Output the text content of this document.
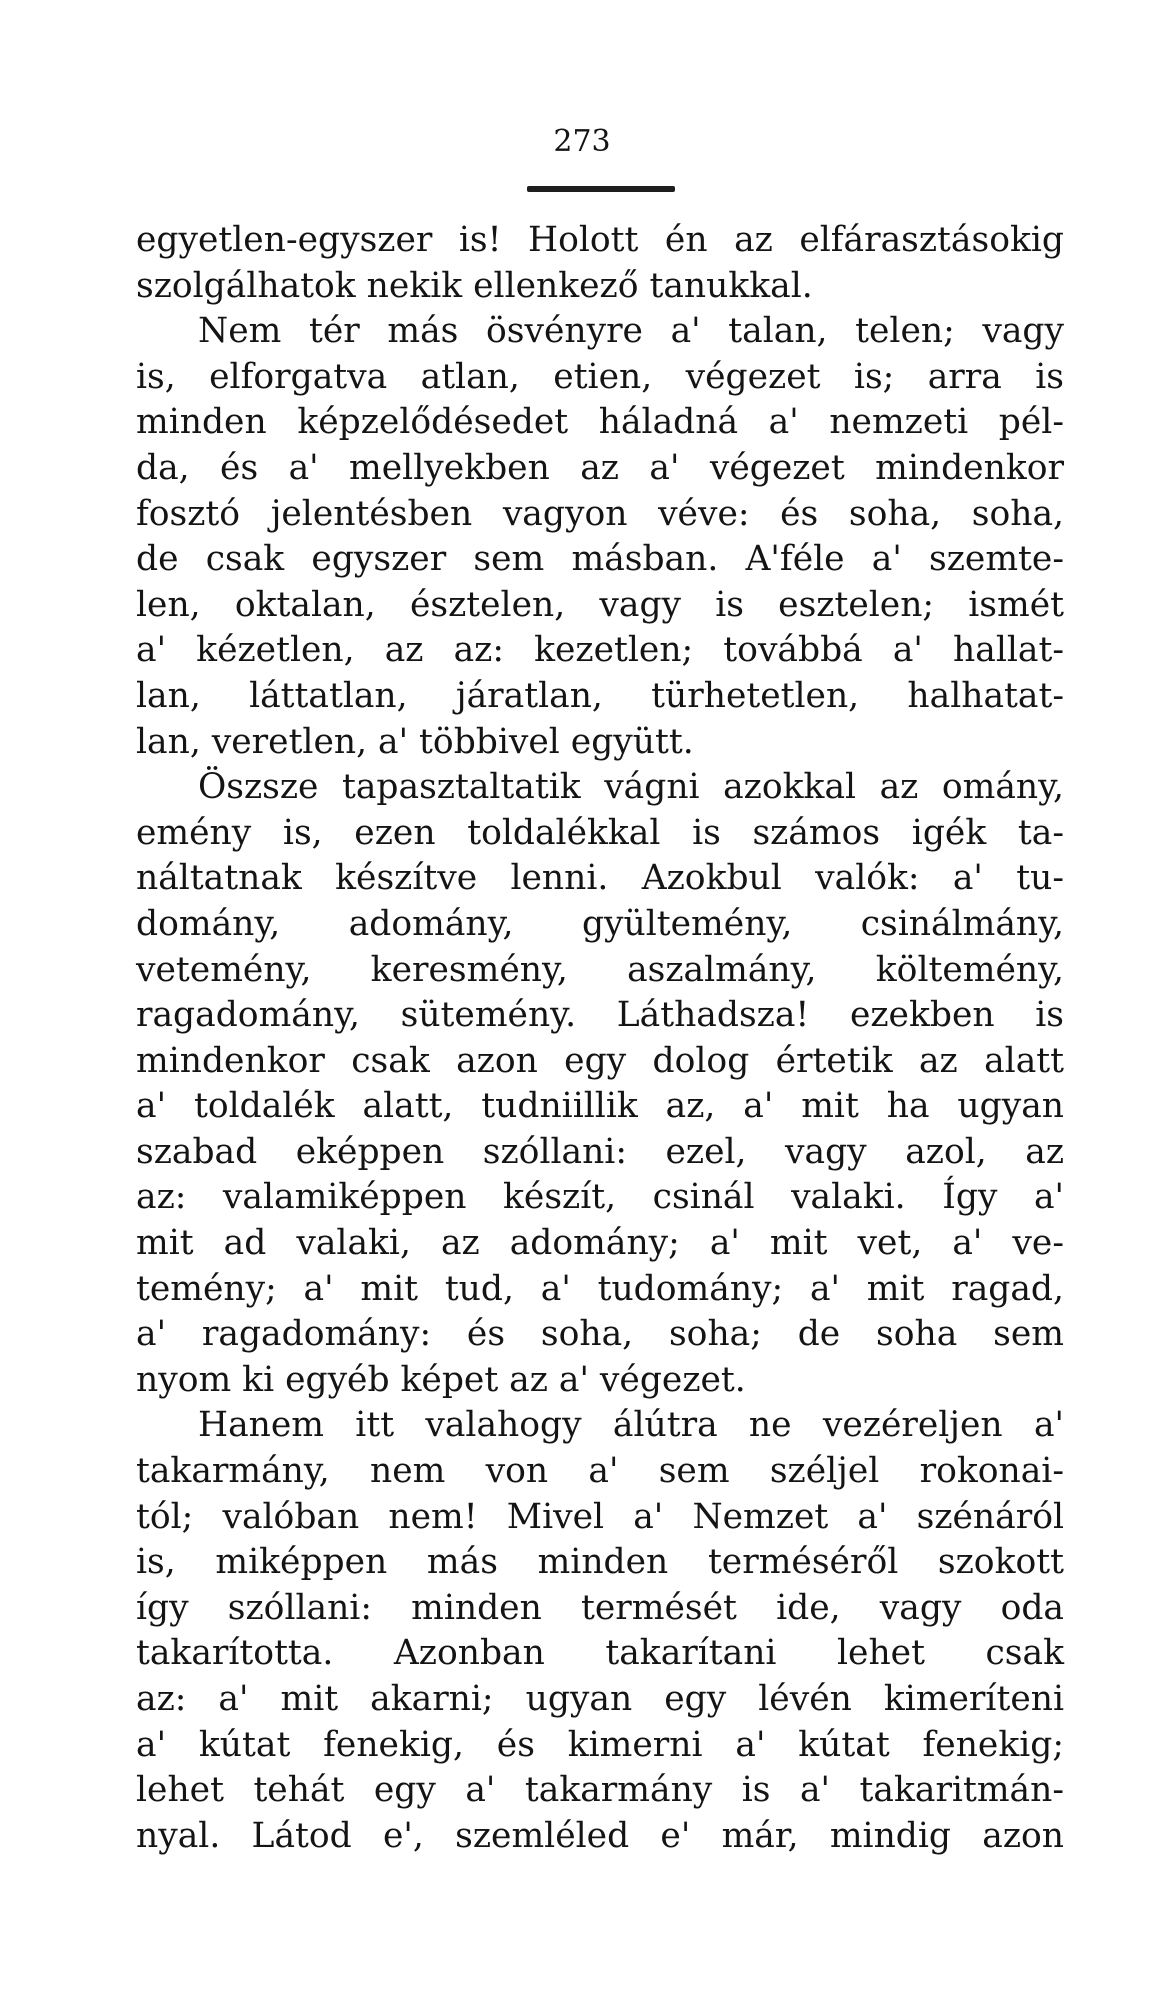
273
egyetlen-egyszer is! Holott én az elfárasztásokig
szolgálhatok nekik ellenkező tanukkal.
Nem tér más ösvényre a' talan, telen; vagy
is, elforgatva atlan, etien, végezet is; arra is
minden képzelődésedet háladná a' nemzeti pél-
da, és a' mellyekben az a' végezet mindenkor
fosztó jelentésben vagyon véve: és soha, soha,
de csak egyszer sem másban. A'féle a' szemte-
len, oktalan, észtelen, vagy is esztelen; ismét
a' kézetlen, az az: kezetlen; továbbá a' hallat-
lan, láttatlan, járatlan, türhetetlen, halhatat-
lan, veretlen, a' többivel együtt.
Öszsze tapasztaltatik vágni azokkal az omány,
emény is, ezen toldalékkal is számos igék ta-
náltatnak készítve lenni. Azokbul valók: a' tu-
domány, adomány, gyültemény, csinálmány,
vetemény, keresmény, aszalmány, költemény,
ragadomány, sütemény. Láthadsza! ezekben is
mindenkor csak azon egy dolog értetik az alatt
a' toldalék alatt, tudniillik az, a' mit ha ugyan
szabad eképpen szóllani: ezel, vagy azol, az
az: valamiképpen készít, csinál valaki. Így a'
mit ad valaki, az adomány; a' mit vet, a' ve-
temény; a' mit tud, a' tudomány; a' mit ragad,
a' ragadomány: és soha, soha; de soha sem
nyom ki egyéb képet az a' végezet.
Hanem itt valahogy álútra ne vezéreljen a'
takarmány, nem von a' sem széljel rokonai-
tól; valóban nem! Mivel a' Nemzet a' szénáról
is, miképpen más minden terméséről szokott
így szóllani: minden termését ide, vagy oda
takarította. Azonban takarítani lehet csak
az: a' mit akarni; ugyan egy lévén kimeríteni
a' kútat fenekig, és kimerni a' kútat fenekig;
lehet tehát egy a' takarmány is a' takaritmán-
nyal. Látod e', szemléled e' már, mindig azon
